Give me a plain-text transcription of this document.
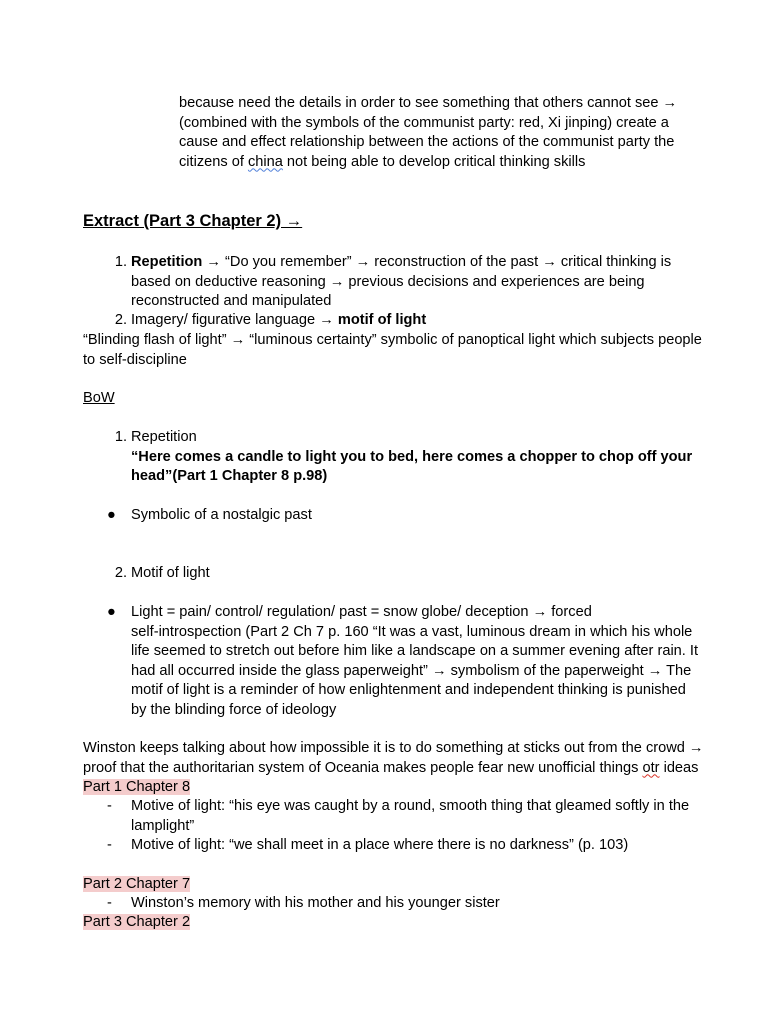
because need the details in order to see something that others cannot see →
(combined with the symbols of the communist party: red, Xi jinping) create a
cause and effect relationship between the actions of the communist party the
citizens of china not being able to develop critical thinking skills
Extract (Part 3 Chapter 2) →
1. Repetition → “Do you remember” → reconstruction of the past → critical thinking is
based on deductive reasoning → previous decisions and experiences are being
reconstructed and manipulated
2. Imagery/ figurative language → motif of light
“Blinding flash of light” → “luminous certainty” symbolic of panoptical light which subjects people
to self-discipline
BoW
1. Repetition
“Here comes a candle to light you to bed, here comes a chopper to chop off your
head”(Part 1 Chapter 8 p.98)
● Symbolic of a nostalgic past
2. Motif of light
● Light = pain/ control/ regulation/ past = snow globe/ deception → forced
self-introspection (Part 2 Ch 7 p. 160 “It was a vast, luminous dream in which his whole
life seemed to stretch out before him like a landscape on a summer evening after rain. It
had all occurred inside the glass paperweight” → symbolism of the paperweight → The
motif of light is a reminder of how enlightenment and independent thinking is punished
by the blinding force of ideology
Winston keeps talking about how impossible it is to do something at sticks out from the crowd →
proof that the authoritarian system of Oceania makes people fear new unofficial things otr ideas
Part 1 Chapter 8
-	Motive of light: “his eye was caught by a round, smooth thing that gleamed softly in the
lamplight”
-	Motive of light: “we shall meet in a place where there is no darkness” (p. 103)
Part 2 Chapter 7
-	Winston’s memory with his mother and his younger sister
Part 3 Chapter 2
